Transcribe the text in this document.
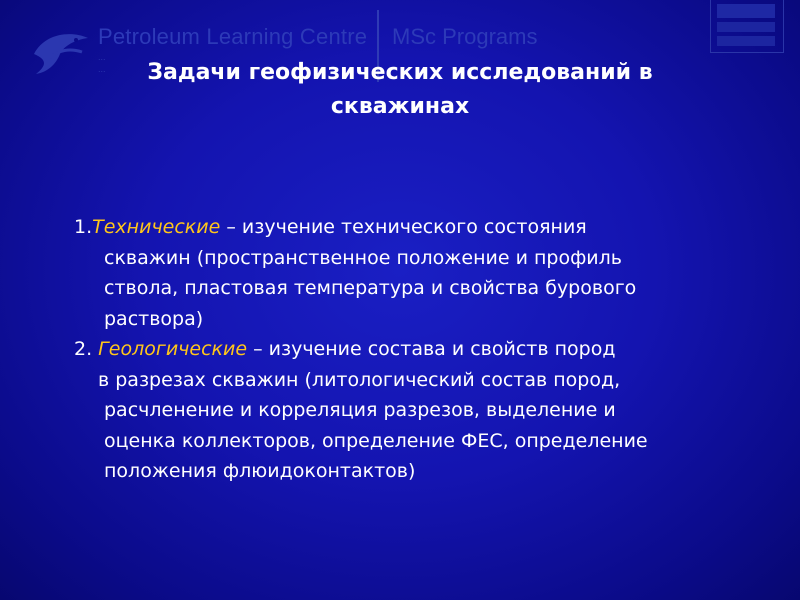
Petroleum Learning Centre
...
...
MSc Programs
Задачи геофизических исследований в
скважинах
1.Технические – изучение технического состояния
скважин (пространственное положение и профиль
ствола, пластовая температура и свойства бурового
раствора)
2. Геологические – изучение состава и свойств пород
в разрезах скважин (литологический состав пород,
расчленение и корреляция разрезов, выделение и
оценка коллекторов, определение ФЕС, определение
положения флюидоконтактов)
